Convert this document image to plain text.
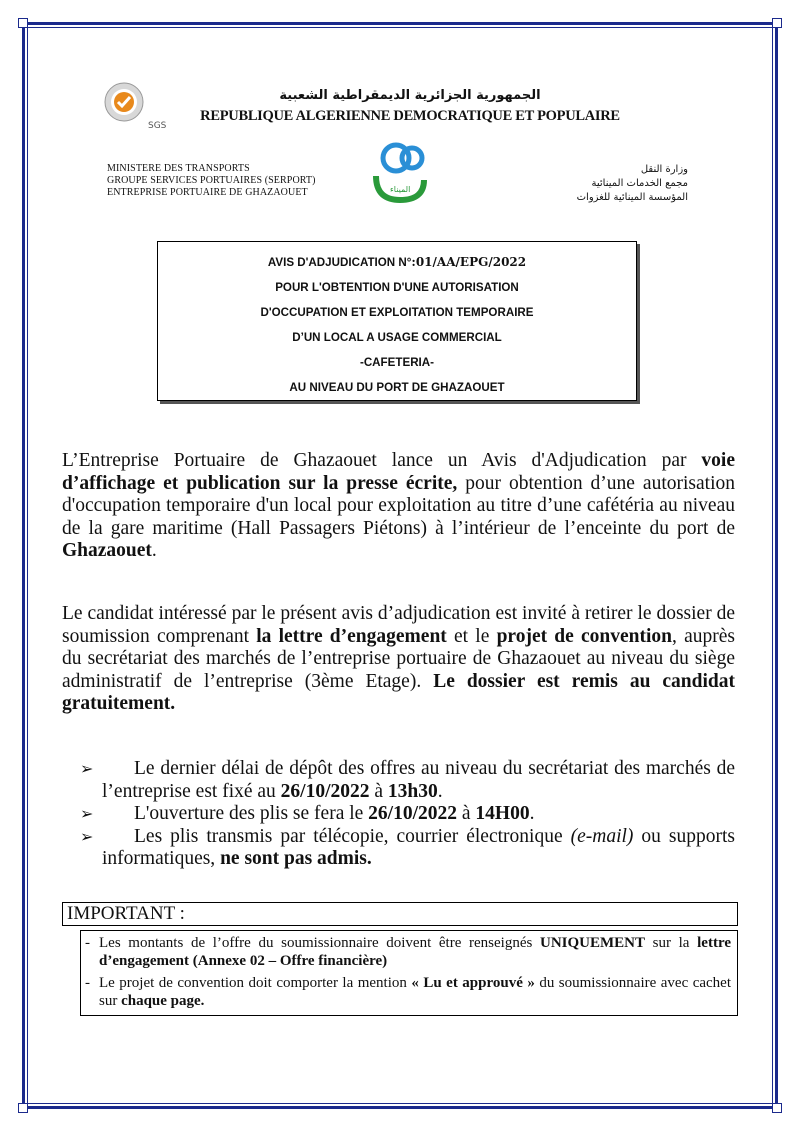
SGS
الجمهورية الجزائرية الديمقراطية الشعبية
REPUBLIQUE ALGERIENNE DEMOCRATIQUE ET POPULAIRE
MINISTERE DES TRANSPORTS
GROUPE SERVICES PORTUAIRES (SERPORT)
ENTREPRISE PORTUAIRE DE GHAZAOUET	الميناء
وزارة النقل
مجمع الخدمات المينائية
المؤسسة المينائية للغزوات
AVIS D'ADJUDICATION N°:01/AA/EPG/2022
POUR L'OBTENTION D'UNE AUTORISATION
D'OCCUPATION ET EXPLOITATION TEMPORAIRE
D’UN LOCAL A USAGE COMMERCIAL
-CAFETERIA-
AU NIVEAU DU PORT DE GHAZAOUET
L’Entreprise Portuaire de Ghazaouet lance un Avis d'Adjudication par voie d’affichage et publication sur la presse écrite, pour obtention d’une autorisation d'occupation temporaire d'un local pour exploitation au titre d’une cafétéria au niveau de la gare maritime (Hall Passagers Piétons) à l’intérieur de l’enceinte du port de Ghazaouet.
Le candidat intéressé par le présent avis d’adjudication est invité à retirer le dossier de soumission comprenant la lettre d’engagement et le projet de convention, auprès du secrétariat des marchés de l’entreprise portuaire de Ghazaouet au niveau du siège administratif de l’entreprise (3ème Etage). Le dossier est remis au candidat gratuitement.
➢	Le dernier délai de dépôt des offres au niveau du secrétariat des marchés de l’entreprise est fixé au 26/10/2022 à 13h30.
➢	L'ouverture des plis se fera le 26/10/2022 à 14H00.
➢	Les plis transmis par télécopie, courrier électronique (e-mail) ou supports informatiques, ne sont pas admis.
IMPORTANT :
- Les montants de l’offre du soumissionnaire doivent être renseignés UNIQUEMENT sur la lettre d’engagement (Annexe 02 – Offre financière)
- Le projet de convention doit comporter la mention « Lu et approuvé » du soumissionnaire avec cachet sur chaque page.
